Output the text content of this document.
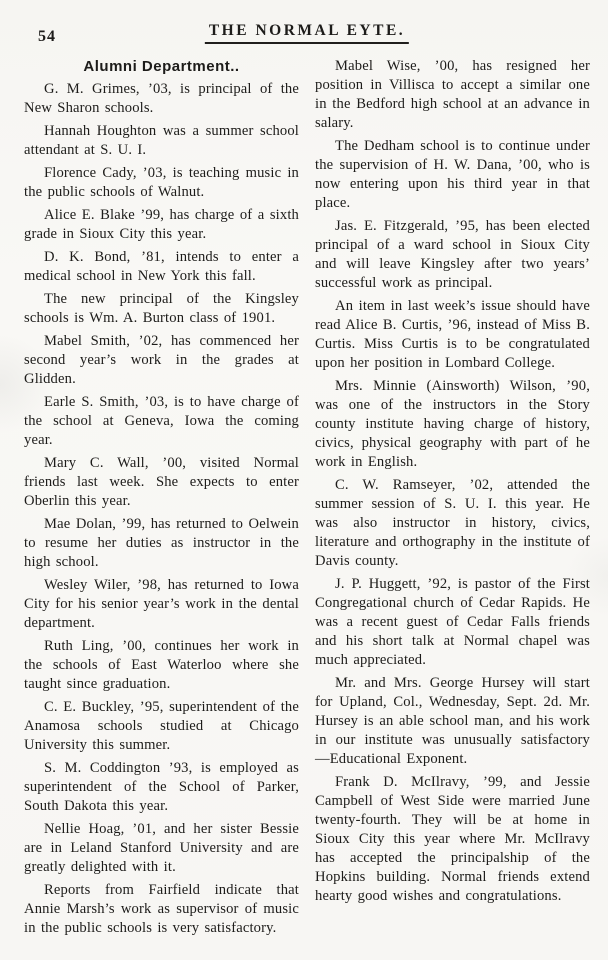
54	THE NORMAL EYTE.
Alumni Department..

G. M. Grimes, ’03, is principal of the New Sharon schools.

Hannah Houghton was a summer school attendant at S. U. I.

Florence Cady, ’03, is teaching music in the public schools of Walnut.

Alice E. Blake ’99, has charge of a sixth grade in Sioux City this year.

D. K. Bond, ’81, intends to enter a medical school in New York this fall.

The new principal of the Kingsley schools is Wm. A. Burton class of 1901.

Mabel Smith, ’02, has commenced her second year’s work in the grades at Glidden.

Earle S. Smith, ’03, is to have charge of the school at Geneva, Iowa the coming year.

Mary C. Wall, ’00, visited Normal friends last week. She expects to enter Oberlin this year.

Mae Dolan, ’99, has returned to Oelwein to resume her duties as instructor in the high school.

Wesley Wiler, ’98, has returned to Iowa City for his senior year’s work in the dental department.

Ruth Ling, ’00, continues her work in the schools of East Waterloo where she taught since graduation.

C. E. Buckley, ’95, superintendent of the Anamosa schools studied at Chicago University this summer.

S. M. Coddington ’93, is employed as superintendent of the School of Parker, South Dakota this year.

Nellie Hoag, ’01, and her sister Bessie are in Leland Stanford University and are greatly delighted with it.

Reports from Fairfield indicate that Annie Marsh’s work as supervisor of music in the public schools is very satisfactory.

Mabel Wise, ’00, has resigned her position in Villisca to accept a similar one in the Bedford high school at an advance in salary.

The Dedham school is to continue under the supervision of H. W. Dana, ’00, who is now entering upon his third year in that place.

Jas. E. Fitzgerald, ’95, has been elected principal of a ward school in Sioux City and will leave Kingsley after two years’ successful work as principal.

An item in last week’s issue should have read Alice B. Curtis, ’96, instead of Miss B. Curtis. Miss Curtis is to be congratulated upon her position in Lombard College.

Mrs. Minnie (Ainsworth) Wilson, ’90, was one of the instructors in the Story county institute having charge of history, civics, physical geography with part of he work in English.

C. W. Ramseyer, ’02, attended the summer session of S. U. I. this year. He was also instructor in history, civics, literature and orthography in the institute of Davis county.

J. P. Huggett, ’92, is pastor of the First Congregational church of Cedar Rapids. He was a recent guest of Cedar Falls friends and his short talk at Normal chapel was much appreciated.

Mr. and Mrs. George Hursey will start for Upland, Col., Wednesday, Sept. 2d. Mr. Hursey is an able school man, and his work in our institute was unusually satisfactory —Educational Exponent.

Frank D. McIlravy, ’99, and Jessie Campbell of West Side were married June twenty-fourth. They will be at home in Sioux City this year where Mr. McIlravy has accepted the principalship of the Hopkins building. Normal friends extend hearty good wishes and congratulations.
